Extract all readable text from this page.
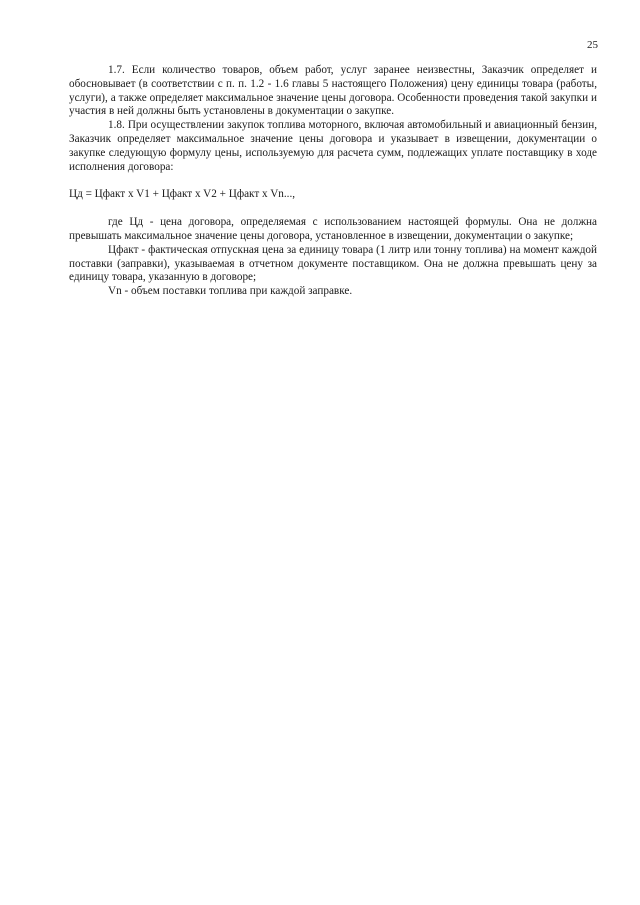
25

1.7. Если количество товаров, объем работ, услуг заранее неизвестны, Заказчик определяет и обосновывает (в соответствии с п. п. 1.2 - 1.6 главы 5 настоящего Положения) цену единицы товара (работы, услуги), а также определяет максимальное значение цены договора. Особенности проведения такой закупки и участия в ней должны быть установлены в документации о закупке.

1.8. При осуществлении закупок топлива моторного, включая автомобильный и авиационный бензин, Заказчик определяет максимальное значение цены договора и указывает в извещении, документации о закупке следующую формулу цены, используемую для расчета сумм, подлежащих уплате поставщику в ходе исполнения договора:

Цд = Цфакт x V1 + Цфакт x V2 + Цфакт x Vn...,

где Цд - цена договора, определяемая с использованием настоящей формулы. Она не должна превышать максимальное значение цены договора, установленное в извещении, документации о закупке;

Цфакт - фактическая отпускная цена за единицу товара (1 литр или тонну топлива) на момент каждой поставки (заправки), указываемая в отчетном документе поставщиком. Она не должна превышать цену за единицу товара, указанную в договоре;

Vn - объем поставки топлива при каждой заправке.
